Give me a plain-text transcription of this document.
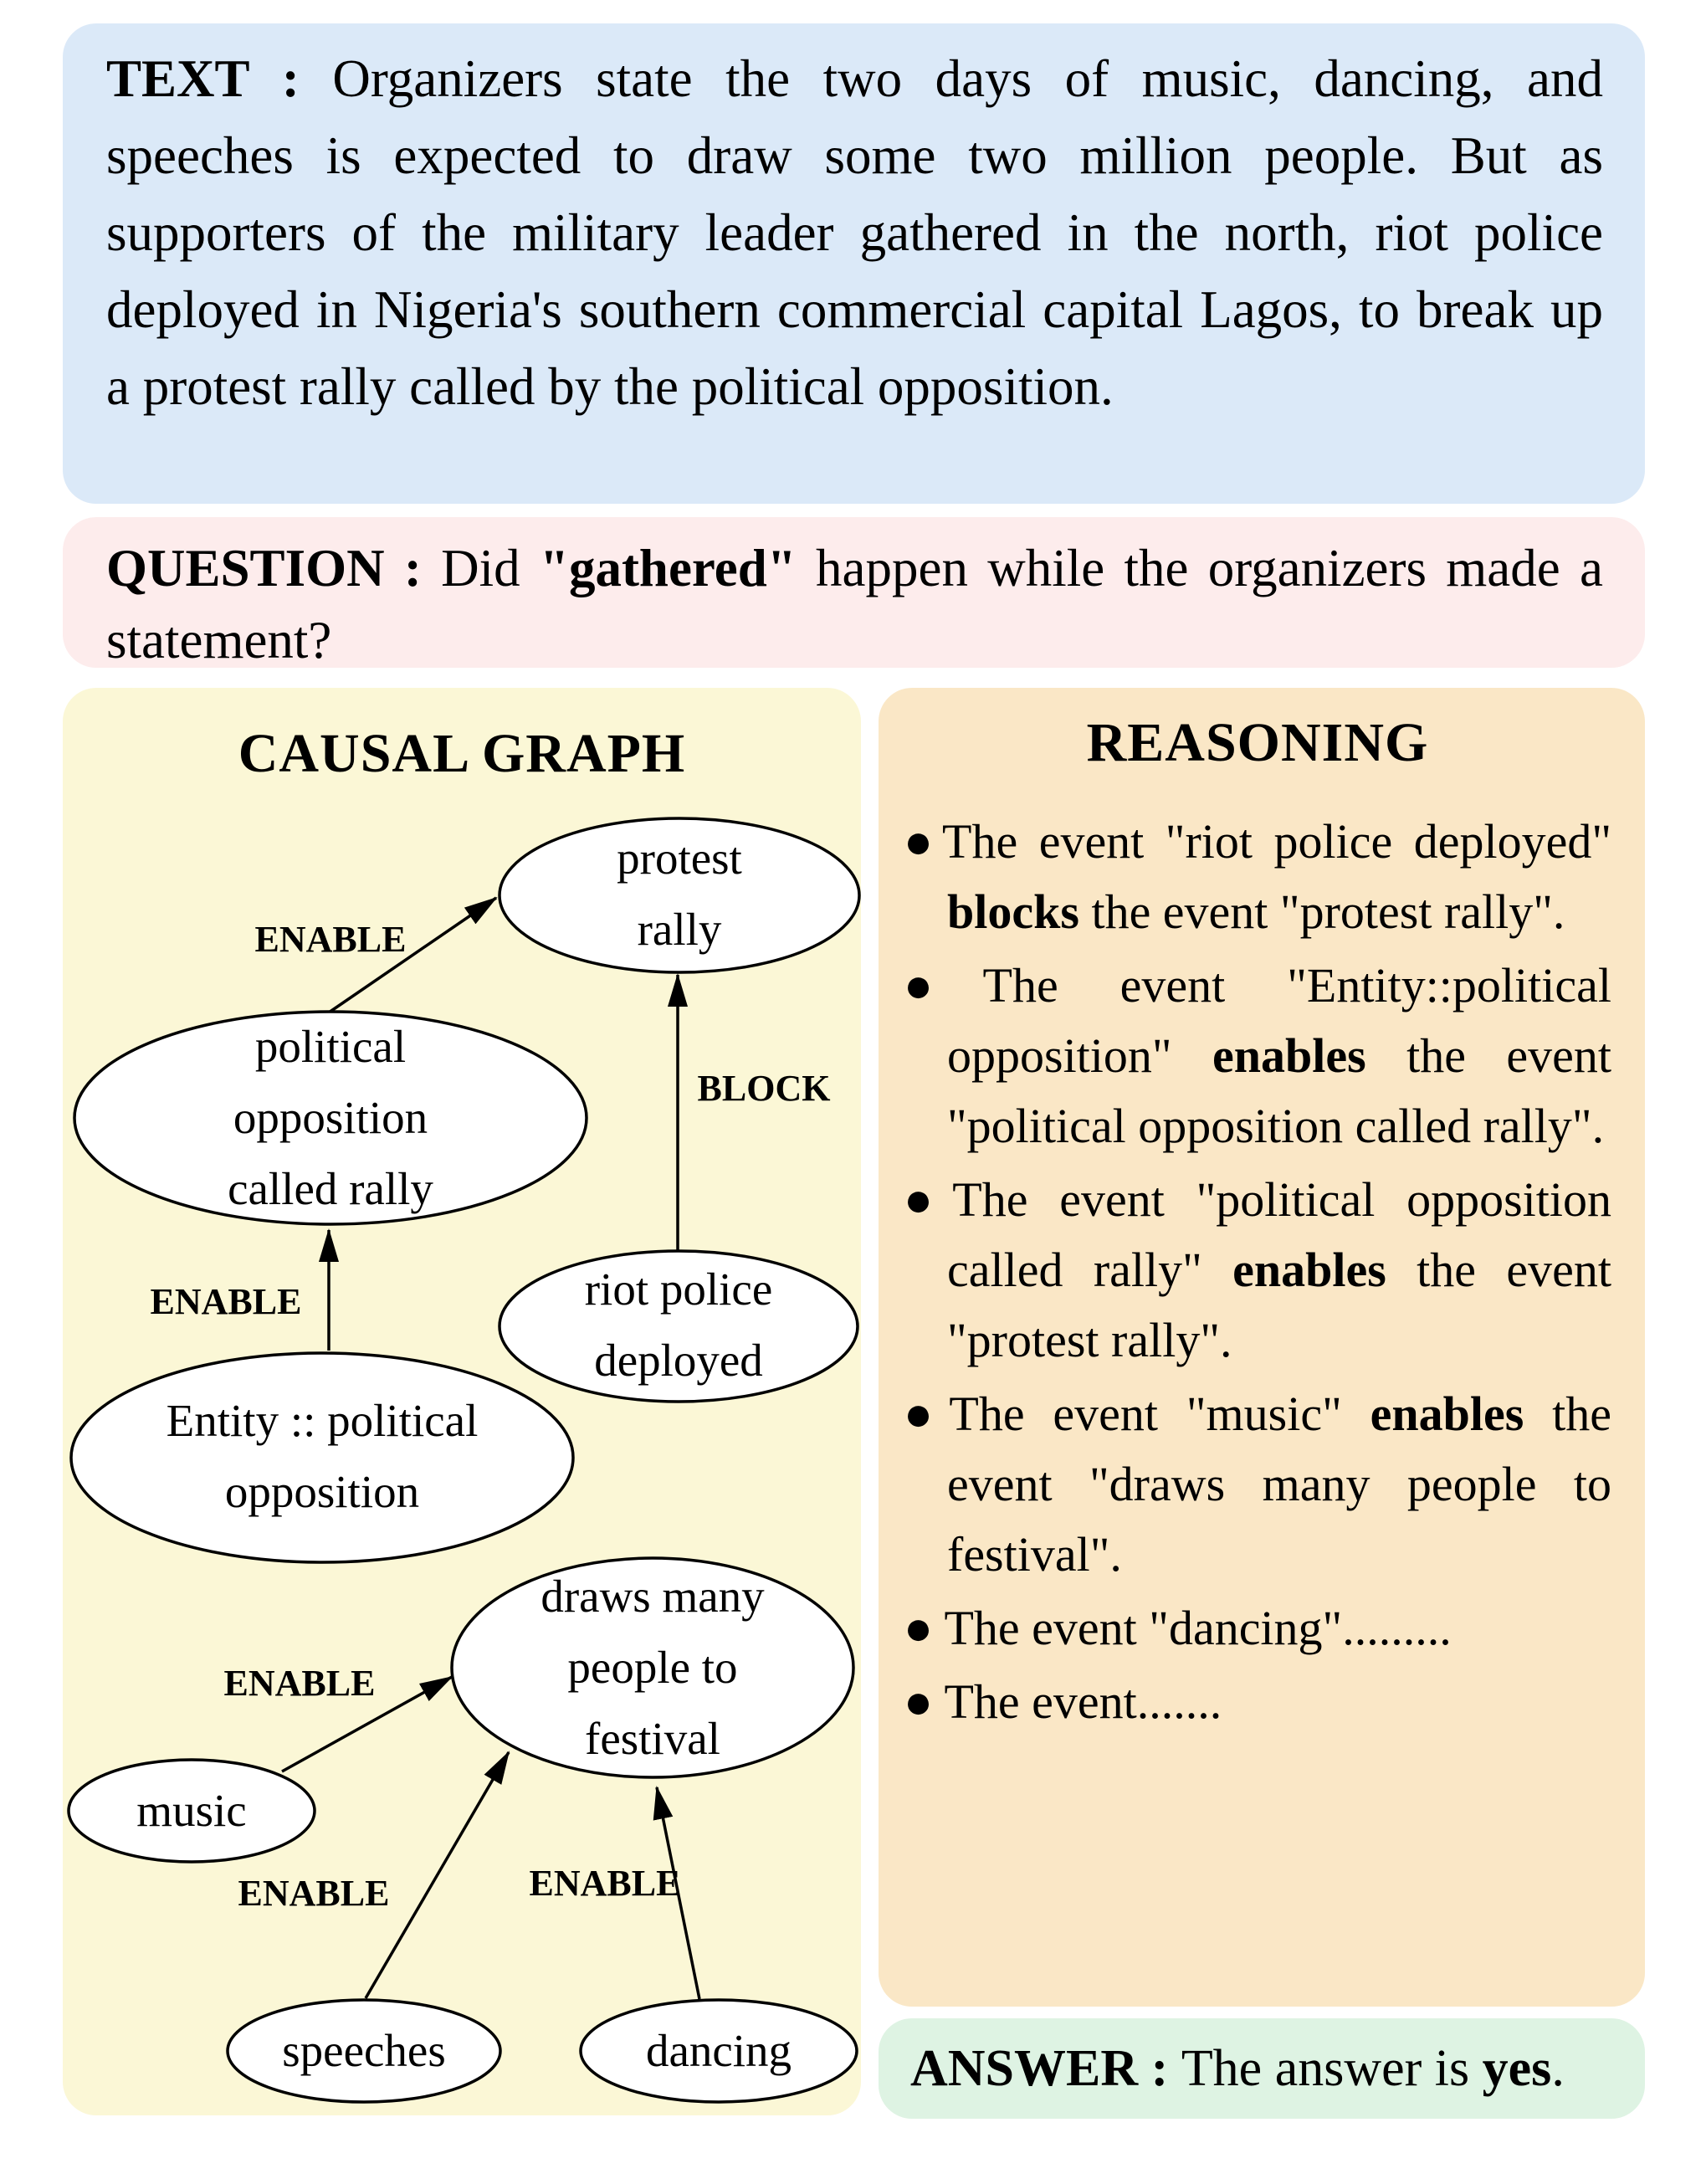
TEXT : Organizers state the two days of music, dancing, and speeches is expected to draw some two million people. But as supporters of the military leader gathered in the north, riot police deployed in Nigeria's southern commercial capital Lagos, to break up a protest rally called by the political opposition.

QUESTION : Did "gathered" happen while the organizers made a statement?

CAUSAL GRAPH
ENABLE
BLOCK
ENABLE
ENABLE
ENABLE	ENABLE
protest
rally
political
opposition
called rally
riot police
deployed
Entity :: political
opposition
draws many
people to
festival
music
speeches	dancing
REASONING
●The event "riot police deployed" blocks the event "protest rally".
●The event "Entity::political opposition" enables the event "political opposition called rally".
●The event "political opposition called rally" enables the event "protest rally".
●The event "music" enables the event "draws many people to festival".
● The event "dancing".........
● The event.......
ANSWER : The answer is yes.
